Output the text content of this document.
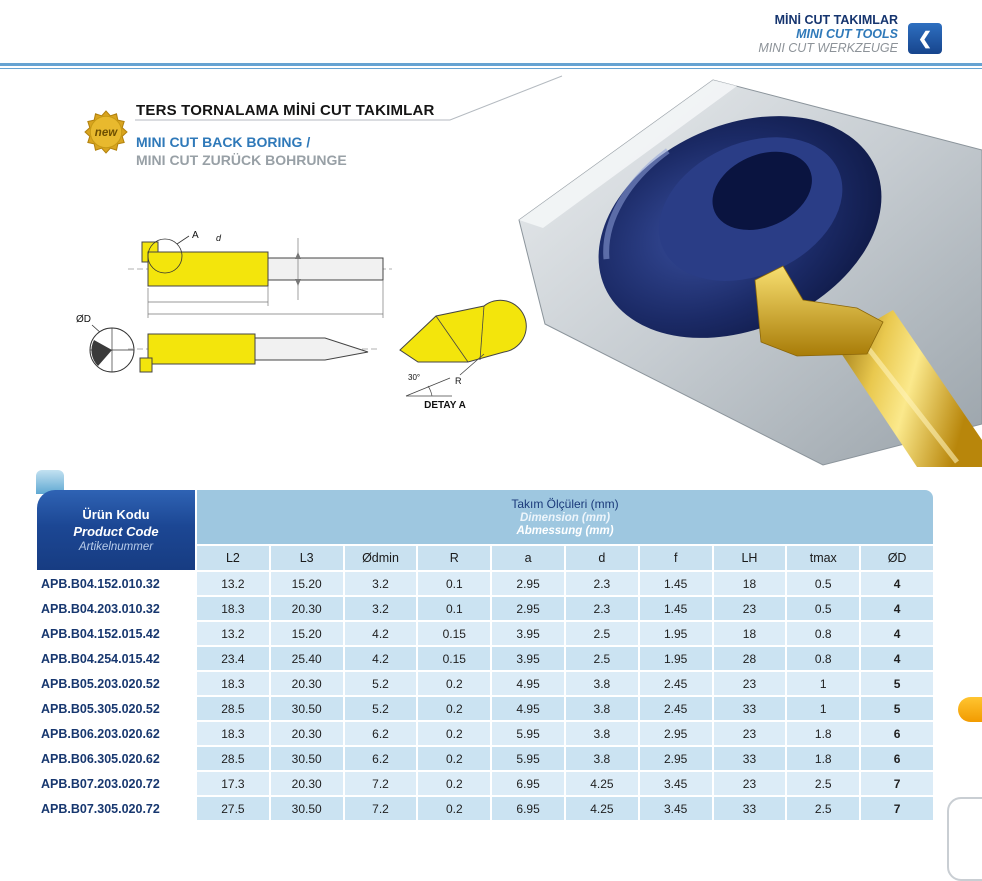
MİNİ CUT TAKIMLAR
MINI CUT TOOLS
MINI CUT WERKZEUGE
❮
new
TERS TORNALAMA MİNİ CUT TAKIMLAR
MINI CUT BACK BORING /
MINI CUT ZURÜCK BOHRUNGE
A d
ØD
30°	R
DETAY A
Ürün Kodu
Product Code
Artikelnummer

Takım Ölçüleri (mm)
Dimension (mm)
Abmessung (mm)

	L2	L3	Ødmin	R	a	d	f	LH	tmax	ØD
APB.B04.152.010.32	13.2	15.20	3.2	0.1	2.95	2.3	1.45	18	0.5	4
APB.B04.203.010.32	18.3	20.30	3.2	0.1	2.95	2.3	1.45	23	0.5	4
APB.B04.152.015.42	13.2	15.20	4.2	0.15	3.95	2.5	1.95	18	0.8	4
APB.B04.254.015.42	23.4	25.40	4.2	0.15	3.95	2.5	1.95	28	0.8	4
APB.B05.203.020.52	18.3	20.30	5.2	0.2	4.95	3.8	2.45	23	1	5
APB.B05.305.020.52	28.5	30.50	5.2	0.2	4.95	3.8	2.45	33	1	5
APB.B06.203.020.62	18.3	20.30	6.2	0.2	5.95	3.8	2.95	23	1.8	6
APB.B06.305.020.62	28.5	30.50	6.2	0.2	5.95	3.8	2.95	33	1.8	6
APB.B07.203.020.72	17.3	20.30	7.2	0.2	6.95	4.25	3.45	23	2.5	7
APB.B07.305.020.72	27.5	30.50	7.2	0.2	6.95	4.25	3.45	33	2.5	7
